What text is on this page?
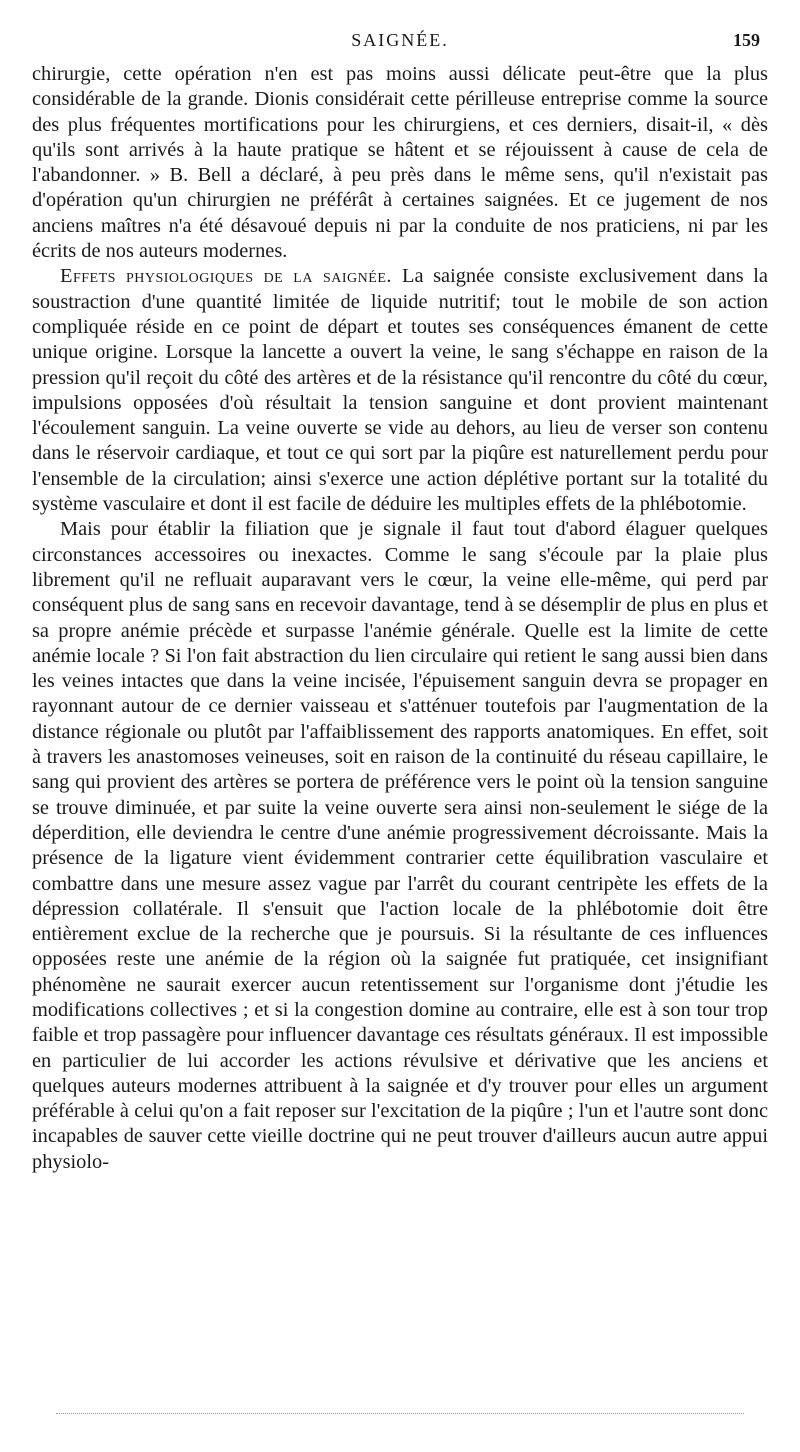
SAIGNÉE.	159

chirurgie, cette opération n'en est pas moins aussi délicate peut-être que la plus considérable de la grande. Dionis considérait cette périlleuse entreprise comme la source des plus fréquentes mortifications pour les chirurgiens, et ces derniers, disait-il, « dès qu'ils sont arrivés à la haute pratique se hâtent et se réjouissent à cause de cela de l'abandonner. » B. Bell a déclaré, à peu près dans le même sens, qu'il n'existait pas d'opération qu'un chirurgien ne préférât à certaines saignées. Et ce jugement de nos anciens maîtres n'a été désavoué depuis ni par la conduite de nos praticiens, ni par les écrits de nos auteurs modernes.

Effets physiologiques de la saignée. La saignée consiste exclusivement dans la soustraction d'une quantité limitée de liquide nutritif; tout le mobile de son action compliquée réside en ce point de départ et toutes ses conséquences émanent de cette unique origine. Lorsque la lancette a ouvert la veine, le sang s'échappe en raison de la pression qu'il reçoit du côté des artères et de la résistance qu'il rencontre du côté du cœur, impulsions opposées d'où résultait la tension sanguine et dont provient maintenant l'écoulement sanguin. La veine ouverte se vide au dehors, au lieu de verser son contenu dans le réservoir cardiaque, et tout ce qui sort par la piqûre est naturellement perdu pour l'ensemble de la circulation; ainsi s'exerce une action déplétive portant sur la totalité du système vasculaire et dont il est facile de déduire les multiples effets de la phlébotomie.

Mais pour établir la filiation que je signale il faut tout d'abord élaguer quelques circonstances accessoires ou inexactes. Comme le sang s'écoule par la plaie plus librement qu'il ne refluait auparavant vers le cœur, la veine elle-même, qui perd par conséquent plus de sang sans en recevoir davantage, tend à se désemplir de plus en plus et sa propre anémie précède et surpasse l'anémie générale. Quelle est la limite de cette anémie locale ? Si l'on fait abstraction du lien circulaire qui retient le sang aussi bien dans les veines intactes que dans la veine incisée, l'épuisement sanguin devra se propager en rayonnant autour de ce dernier vaisseau et s'atténuer toutefois par l'augmentation de la distance régionale ou plutôt par l'affaiblissement des rapports anatomiques. En effet, soit à travers les anastomoses veineuses, soit en raison de la continuité du réseau capillaire, le sang qui provient des artères se portera de préférence vers le point où la tension sanguine se trouve diminuée, et par suite la veine ouverte sera ainsi non-seulement le siége de la déperdition, elle deviendra le centre d'une anémie progressivement décroissante. Mais la présence de la ligature vient évidemment contrarier cette équilibration vasculaire et combattre dans une mesure assez vague par l'arrêt du courant centripète les effets de la dépression collatérale. Il s'ensuit que l'action locale de la phlébotomie doit être entièrement exclue de la recherche que je poursuis. Si la résultante de ces influences opposées reste une anémie de la région où la saignée fut pratiquée, cet insignifiant phénomène ne saurait exercer aucun retentissement sur l'organisme dont j'étudie les modifications collectives ; et si la congestion domine au contraire, elle est à son tour trop faible et trop passagère pour influencer davantage ces résultats généraux. Il est impossible en particulier de lui accorder les actions révulsive et dérivative que les anciens et quelques auteurs modernes attribuent à la saignée et d'y trouver pour elles un argument préférable à celui qu'on a fait reposer sur l'excitation de la piqûre ; l'un et l'autre sont donc incapables de sauver cette vieille doctrine qui ne peut trouver d'ailleurs aucun autre appui physiolo-
